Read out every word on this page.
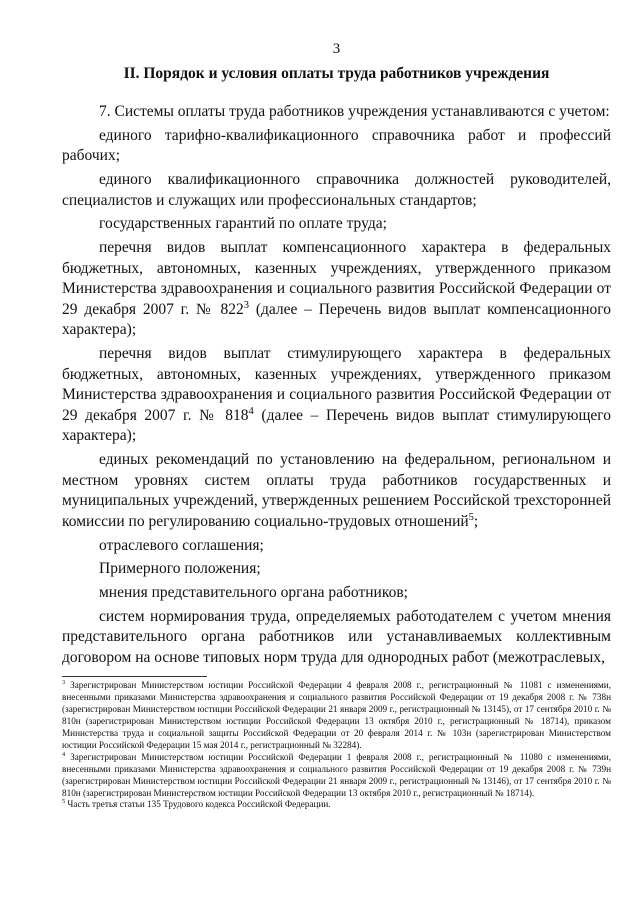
3
II. Порядок и условия оплаты труда работников учреждения

7. Системы оплаты труда работников учреждения устанавливаются с учетом:

единого тарифно-квалификационного справочника работ и профессий рабочих;

единого квалификационного справочника должностей руководителей, специалистов и служащих или профессиональных стандартов;

государственных гарантий по оплате труда;

перечня видов выплат компенсационного характера в федеральных бюджетных, автономных, казенных учреждениях, утвержденного приказом Министерства здравоохранения и социального развития Российской Федерации от 29 декабря 2007 г. № $822^3$ (далее – Перечень видов выплат компенсационного характера);

перечня видов выплат стимулирующего характера в федеральных бюджетных, автономных, казенных учреждениях, утвержденного приказом Министерства здравоохранения и социального развития Российской Федерации от 29 декабря 2007 г. № $818^4$ (далее – Перечень видов выплат стимулирующего характера);

единых рекомендаций по установлению на федеральном, региональном и местном уровнях систем оплаты труда работников государственных и муниципальных учреждений, утвержденных решением Российской трехсторонней комиссии по регулированию социально-трудовых отношений$^5$;

отраслевого соглашения;

Примерного положения;

мнения представительного органа работников;

систем нормирования труда, определяемых работодателем с учетом мнения представительного органа работников или устанавливаемых коллективным договором на основе типовых норм труда для однородных работ (межотраслевых,

$^3$ Зарегистрирован Министерством юстиции Российской Федерации 4 февраля 2008 г., регистрационный № 11081 с изменениями, внесенными приказами Министерства здравоохранения и социального развития Российской Федерации от 19 декабря 2008 г. № 738н (зарегистрирован Министерством юстиции Российской Федерации 21 января 2009 г., регистрационный № 13145), от 17 сентября 2010 г. № 810н (зарегистрирован Министерством юстиции Российской Федерации 13 октября 2010 г., регистрационный № 18714), приказом Министерства труда и социальной защиты Российской Федерации от 20 февраля 2014 г. № 103н (зарегистрирован Министерством юстиции Российской Федерации 15 мая 2014 г., регистрационный № 32284).

$^4$ Зарегистрирован Министерством юстиции Российской Федерации 1 февраля 2008 г., регистрационный № 11080 с изменениями, внесенными приказами Министерства здравоохранения и социального развития Российской Федерации от 19 декабря 2008 г. № 739н (зарегистрирован Министерством юстиции Российской Федерации 21 января 2009 г., регистрационный № 13146), от 17 сентября 2010 г. № 810н (зарегистрирован Министерством юстиции Российской Федерации 13 октября 2010 г., регистрационный № 18714).

$^5$ Часть третья статьи 135 Трудового кодекса Российской Федерации.
